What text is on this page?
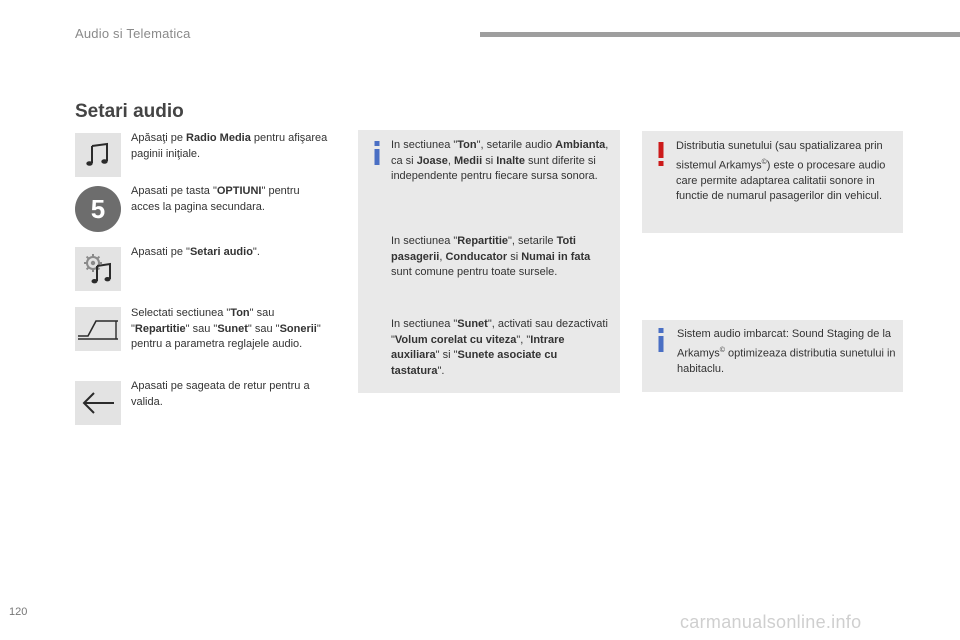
Audio si Telematica
Setari audio
Apăsaţi pe Radio Media pentru afişarea paginii iniţiale.
5
Apasati pe tasta "OPTIUNI" pentru acces la pagina secundara.
Apasati pe "Setari audio".
Selectati sectiunea "Ton" sau "Repartitie" sau "Sunet" sau "Sonerii" pentru a parametra reglajele audio.
Apasati pe sageata de retur pentru a valida.
In sectiunea "Ton", setarile audio Ambianta, ca si Joase, Medii si Inalte sunt diferite si independente pentru fiecare sursa sonora.
In sectiunea "Repartitie", setarile Toti pasagerii, Conducator si Numai in fata sunt comune pentru toate sursele.
In sectiunea "Sunet", activati sau dezactivati "Volum corelat cu viteza", "Intrare auxiliara" si "Sunete asociate cu tastatura".
Distributia sunetului (sau spatializarea prin sistemul Arkamys©) este o procesare audio care permite adaptarea calitatii sonore in functie de numarul pasagerilor din vehicul.
Sistem audio imbarcat: Sound Staging de la Arkamys© optimizeaza distributia sunetului in habitaclu.
120	carmanualsonline.info
